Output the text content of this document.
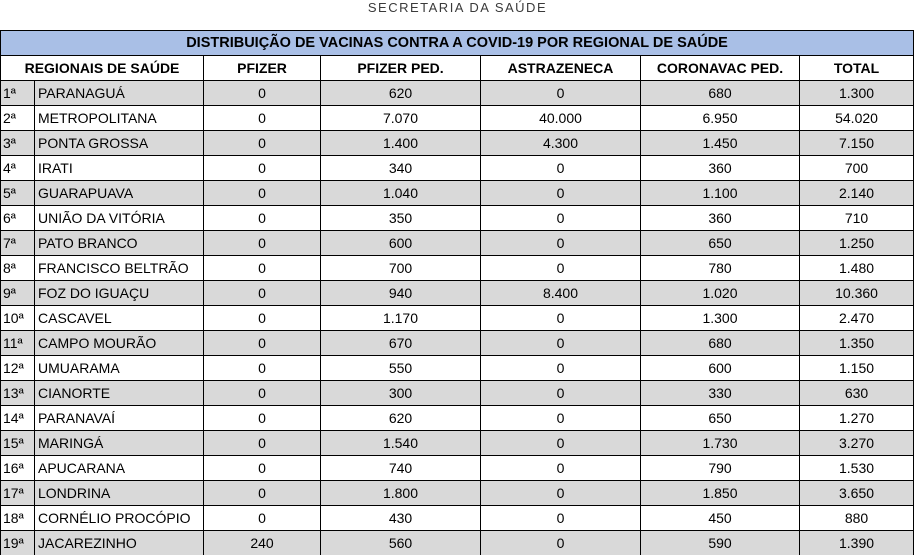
SECRETARIA DA SAÚDE
DISTRIBUIÇÃO DE VACINAS CONTRA A COVID-19 POR REGIONAL DE SAÚDE						
REGIONAIS DE SAÚDE		PFIZER	PFIZER PED.	ASTRAZENECA	CORONAVAC PED.	TOTAL
1ª	PARANAGUÁ	0	620	0	680	1.300
2ª	METROPOLITANA	0	7.070	40.000	6.950	54.020
3ª	PONTA GROSSA	0	1.400	4.300	1.450	7.150
4ª	IRATI	0	340	0	360	700
5ª	GUARAPUAVA	0	1.040	0	1.100	2.140
6ª	UNIÃO DA VITÓRIA	0	350	0	360	710
7ª	PATO BRANCO	0	600	0	650	1.250
8ª	FRANCISCO BELTRÃO	0	700	0	780	1.480
9ª	FOZ DO IGUAÇU	0	940	8.400	1.020	10.360
10ª	CASCAVEL	0	1.170	0	1.300	2.470
11ª	CAMPO MOURÃO	0	670	0	680	1.350
12ª	UMUARAMA	0	550	0	600	1.150
13ª	CIANORTE	0	300	0	330	630
14ª	PARANAVAÍ	0	620	0	650	1.270
15ª	MARINGÁ	0	1.540	0	1.730	3.270
16ª	APUCARANA	0	740	0	790	1.530
17ª	LONDRINA	0	1.800	0	1.850	3.650
18ª	CORNÉLIO PROCÓPIO	0	430	0	450	880
19ª	JACAREZINHO	240	560	0	590	1.390
